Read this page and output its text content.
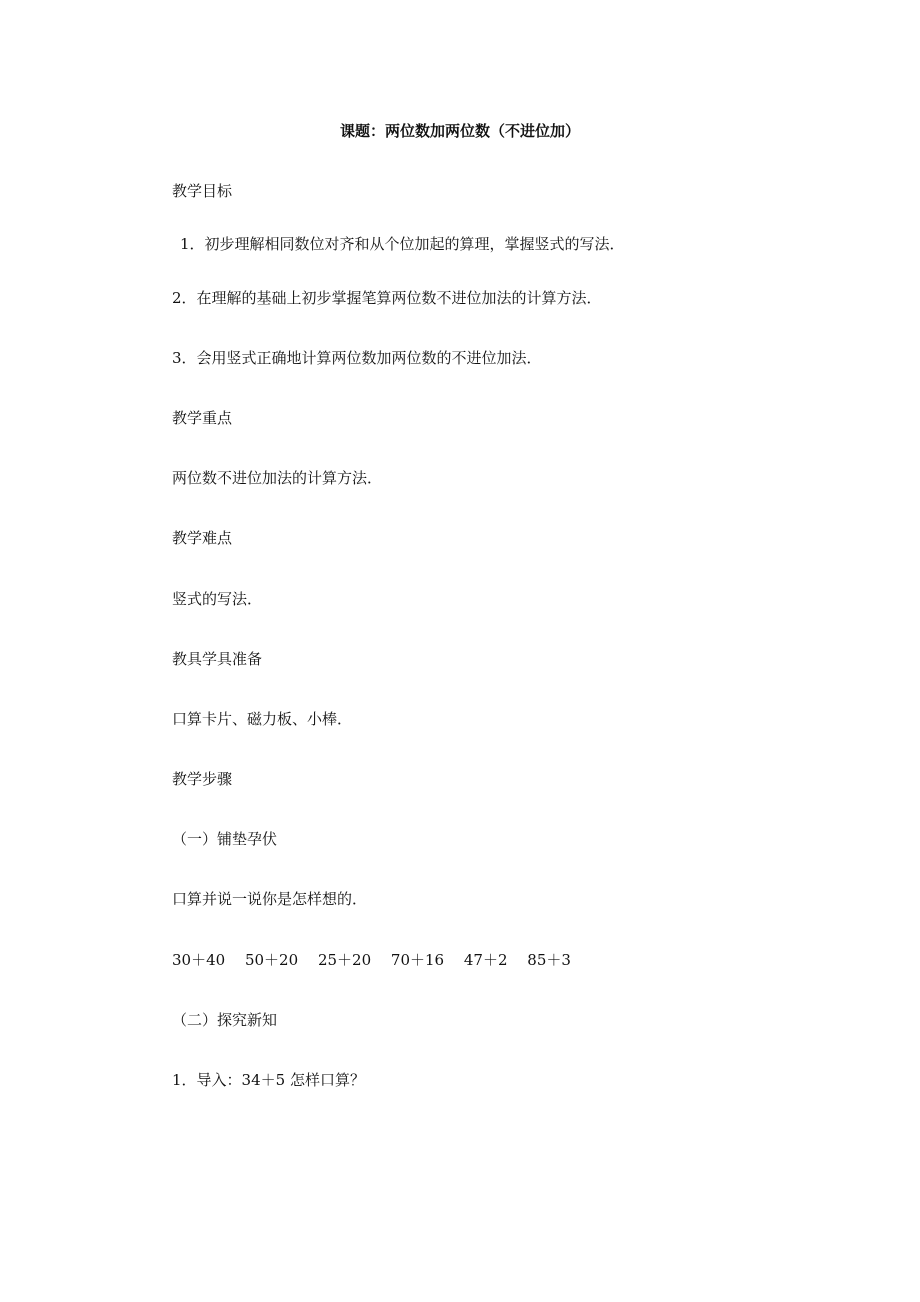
课题：两位数加两位数（不进位加）
教学目标
1．初步理解相同数位对齐和从个位加起的算理，掌握竖式的写法．
2．在理解的基础上初步掌握笔算两位数不进位加法的计算方法．
3．会用竖式正确地计算两位数加两位数的不进位加法．
教学重点
两位数不进位加法的计算方法．
教学难点
竖式的写法．
教具学具准备
口算卡片、磁力板、小棒．
教学步骤
（一）铺垫孕伏
口算并说一说你是怎样想的．
30＋40 50＋20 25＋20 70＋16 47＋2 85＋3
（二）探究新知
1．导入：34＋5 怎样口算？
